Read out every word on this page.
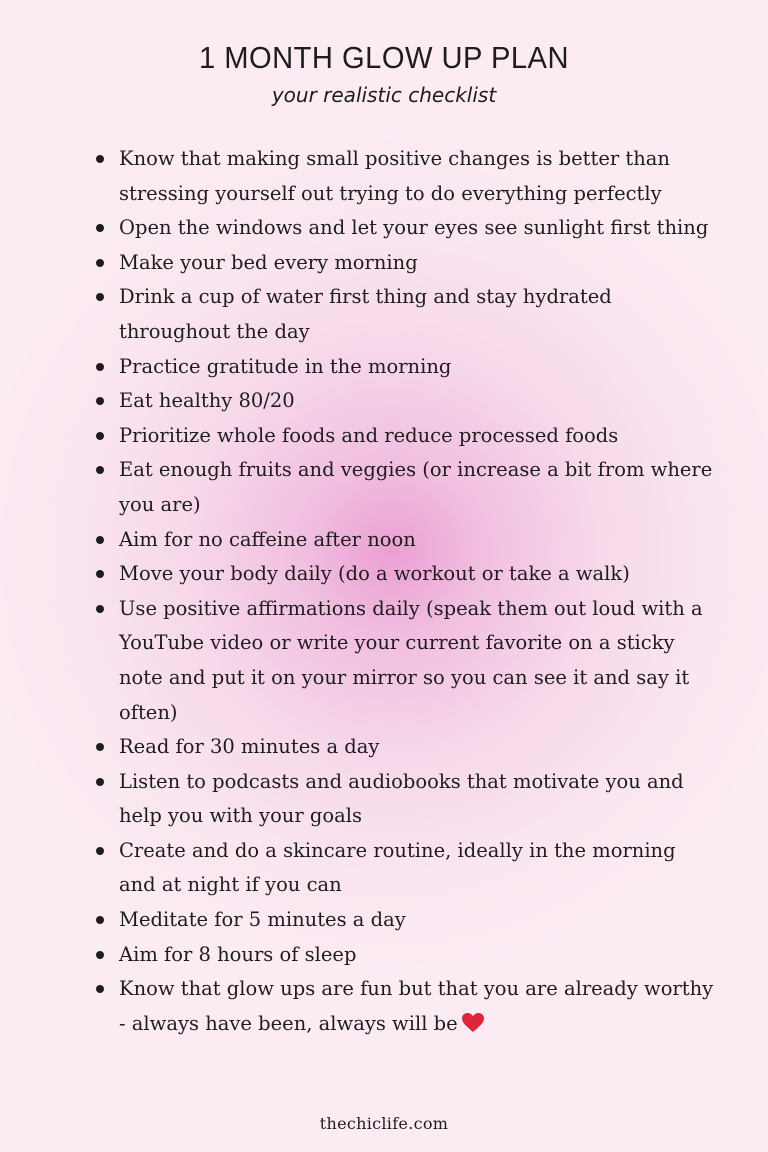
1 MONTH GLOW UP PLAN
your realistic checklist
Know that making small positive changes is better than stressing yourself out trying to do everything perfectly
Open the windows and let your eyes see sunlight first thing
Make your bed every morning
Drink a cup of water first thing and stay hydrated throughout the day
Practice gratitude in the morning
Eat healthy 80/20
Prioritize whole foods and reduce processed foods
Eat enough fruits and veggies (or increase a bit from where you are)
Aim for no caffeine after noon
Move your body daily (do a workout or take a walk)
Use positive affirmations daily (speak them out loud with a YouTube video or write your current favorite on a sticky note and put it on your mirror so you can see it and say it often)
Read for 30 minutes a day
Listen to podcasts and audiobooks that motivate you and help you with your goals
Create and do a skincare routine, ideally in the morning and at night if you can
Meditate for 5 minutes a day
Aim for 8 hours of sleep
Know that glow ups are fun but that you are already worthy - always have been, always will be
thechiclife.com
